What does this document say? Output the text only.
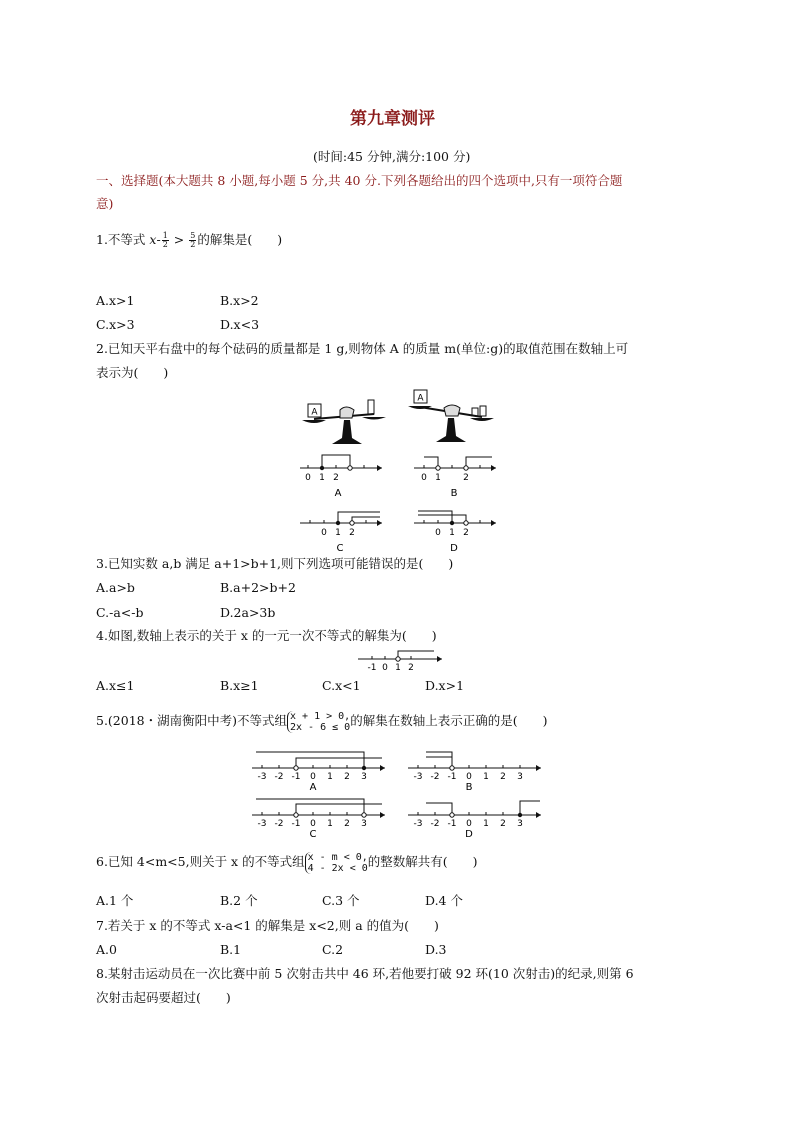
第九章测评
(时间:45 分钟,满分:100 分)
一、选择题(本大题共 8 小题,每小题 5 分,共 40 分.下列各题给出的四个选项中,只有一项符合题
意)
1.不等式 $x- \frac{1}{2} > \frac{5}{2}$ 的解集是(　　)
A.x>1	B.x>2
C.x>3	D.x<3
2.已知天平右盘中的每个砝码的质量都是 1 g,则物体 A 的质量 m(单位:g)的取值范围在数轴上可
表示为(　　)
A
A
0 1 2
A
0 1 2
B
0 1 2
C
0 1 2
D
3.已知实数 a,b 满足 a+1>b+1,则下列选项可能错误的是(　　)
A.a>b	B.a+2>b+2
C.-a<-b	D.2a>3b
4.如图,数轴上表示的关于 x 的一元一次不等式的解集为(　　)
-1 0 1 2
A.x≤1	B.x≥1	C.x<1	D.x>1
5.(2018・湖南衡阳中考)不等式组 x + 1 > 0,
2x - 6 ≤ 0 的解集在数轴上表示正确的是(　　)
-3 -2 -1 0 1 2 3
A
-3 -2 -1 0 1 2 3
B
-3 -2 -1 0 1 2 3
C
-3 -2 -1 0 1 2 3
D
6.已知 4<m<5,则关于 x 的不等式组 x - m < 0,
4 - 2x < 0 的整数解共有(　　)
A.1 个	B.2 个	C.3 个	D.4 个
7.若关于 x 的不等式 x-a<1 的解集是 x<2,则 a 的值为(　　)
A.0	B.1	C.2	D.3
8.某射击运动员在一次比赛中前 5 次射击共中 46 环,若他要打破 92 环(10 次射击)的纪录,则第 6
次射击起码要超过(　　)
